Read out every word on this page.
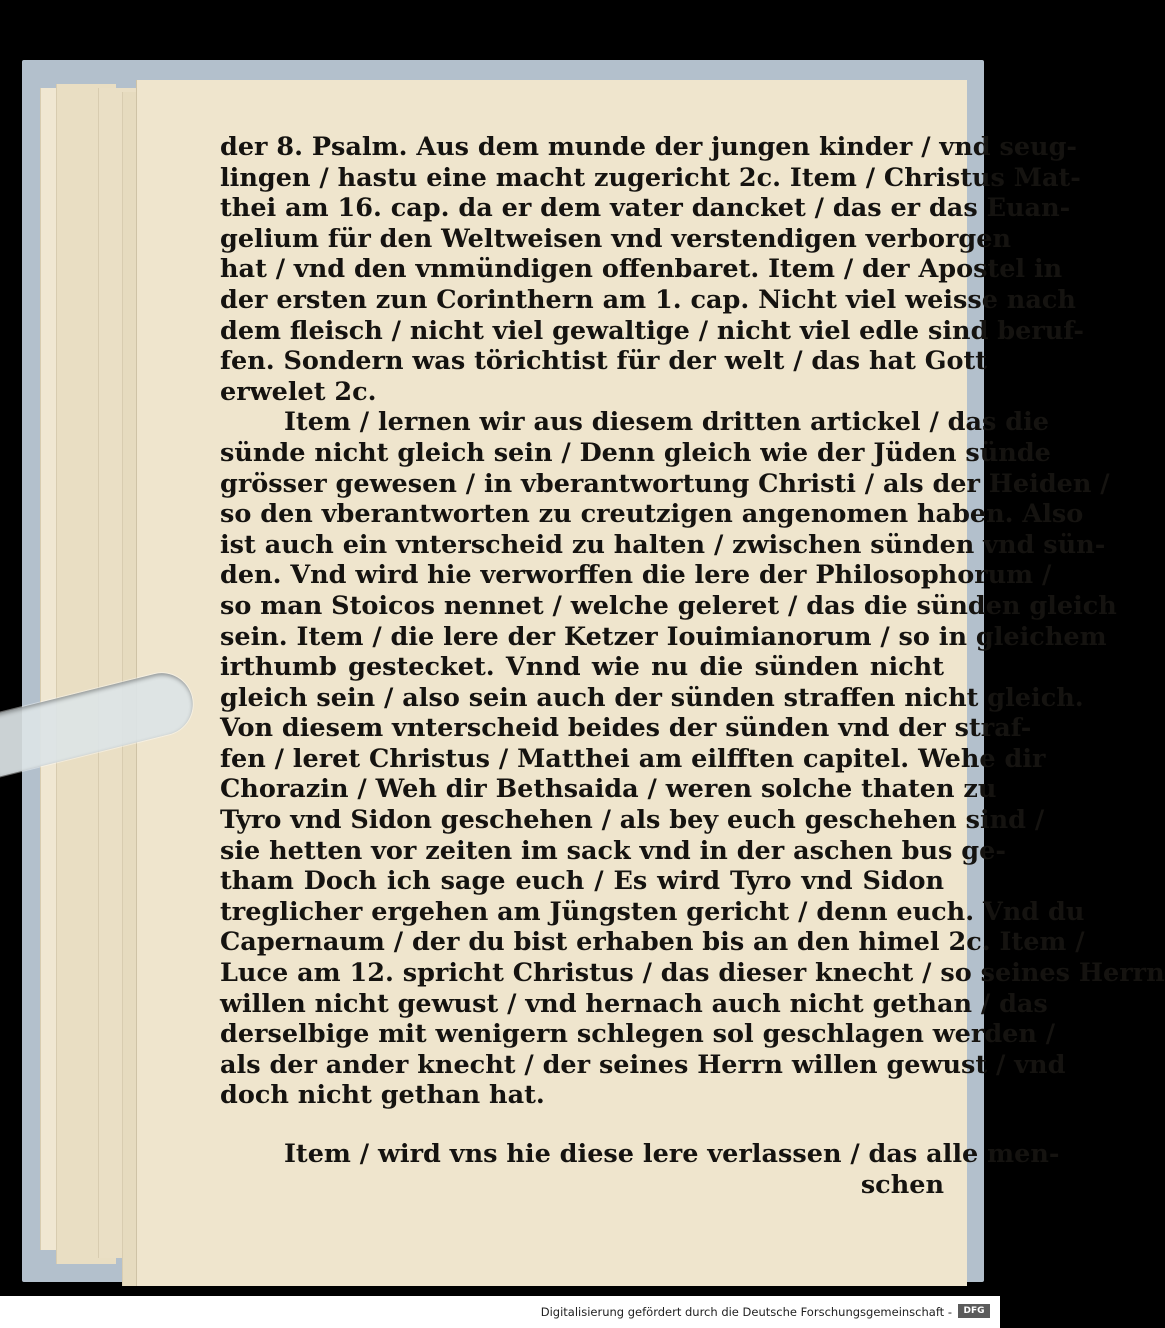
der 8. Psalm. Aus dem munde der jungen kinder / vnd seug-
lingen / hastu eine macht zugericht 2c. Item / Christus Mat-
thei am 16. cap. da er dem vater dancket / das er das Euan-
gelium für den Weltweisen vnd verstendigen verborgen
hat / vnd den vnmündigen offenbaret. Item / der Apostel in
der ersten zun Corinthern am 1. cap. Nicht viel weisse nach
dem fleisch / nicht viel gewaltige / nicht viel edle sind beruf-
fen. Sondern was törichtist für der welt / das hat Gott
erwelet 2c.
Item / lernen wir aus diesem dritten artickel / das die
sünde nicht gleich sein / Denn gleich wie der Jüden sünde
grösser gewesen / in vberantwortung Christi / als der Heiden /
so den vberantworten zu creutzigen angenomen haben. Also
ist auch ein vnterscheid zu halten / zwischen sünden vnd sün-
den. Vnd wird hie verworffen die lere der Philosophorum /
so man Stoicos nennet / welche geleret / das die sünden gleich
sein. Item / die lere der Ketzer Iouimianorum / so in gleichem
irthumb gestecket. Vnnd wie nu die sünden nicht
gleich sein / also sein auch der sünden straffen nicht gleich.
Von diesem vnterscheid beides der sünden vnd der straf-
fen / leret Christus / Matthei am eilfften capitel. Wehe dir
Chorazin / Weh dir Bethsaida / weren solche thaten zu
Tyro vnd Sidon geschehen / als bey euch geschehen sind /
sie hetten vor zeiten im sack vnd in der aschen bus ge-
tham Doch ich sage euch / Es wird Tyro vnd Sidon
treglicher ergehen am Jüngsten gericht / denn euch. Vnd du
Capernaum / der du bist erhaben bis an den himel 2c. Item /
Luce am 12. spricht Christus / das dieser knecht / so seines Herrn
willen nicht gewust / vnd hernach auch nicht gethan / das
derselbige mit wenigern schlegen sol geschlagen werden /
als der ander knecht / der seines Herrn willen gewust / vnd
doch nicht gethan hat.
Item / wird vns hie diese lere verlassen / das alle men-
schen
Digitalisierung gefördert durch die Deutsche Forschungsgemeinschaft -	DFG
